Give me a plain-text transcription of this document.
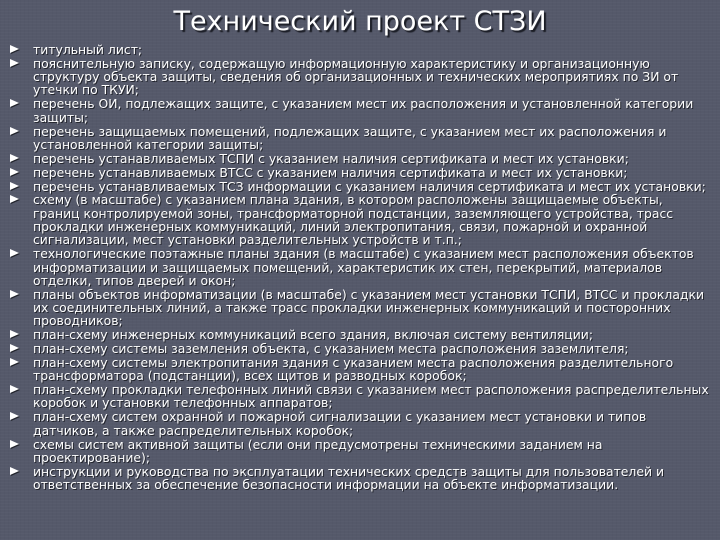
Технический проект СТЗИ
титульный лист;
пояснительную записку, содержащую информационную характеристику и организационную структуру объекта защиты, сведения об организационных и технических мероприятиях по ЗИ от утечки по ТКУИ;
перечень ОИ, подлежащих защите, с указанием мест их расположения и установленной категории защиты;
перечень защищаемых помещений, подлежащих защите, с указанием мест их расположения и установленной категории защиты;
перечень устанавливаемых ТСПИ с указанием наличия сертификата и мест их установки;
перечень устанавливаемых ВТСС с указанием наличия сертификата и мест их установки;
перечень устанавливаемых ТСЗ информации с указанием наличия сертификата и мест их установки;
схему (в масштабе) с указанием плана здания, в котором расположены защищаемые объекты, границ контролируемой зоны, трансформаторной подстанции, заземляющего устройства, трасс прокладки инженерных коммуникаций, линий электропитания, связи, пожарной и охранной сигнализации, мест установки разделительных устройств и т.п.;
технологические поэтажные планы здания (в масштабе) с указанием мест расположения объектов информатизации и защищаемых помещений, характеристик их стен, перекрытий, материалов отделки, типов дверей и окон;
планы объектов информатизации (в масштабе) с указанием мест установки ТСПИ, ВТСС и прокладки их соединительных линий, а также трасс прокладки инженерных коммуникаций и посторонних проводников;
план-схему инженерных коммуникаций всего здания, включая систему вентиляции;
план-схему системы заземления объекта, с указанием места расположения заземлителя;
план-схему системы электропитания здания с указанием места расположения разделительного трансформатора (подстанции), всех щитов и разводных коробок;
план-схему прокладки телефонных линий связи с указанием мест расположения распределительных коробок и установки телефонных аппаратов;
план-схему систем охранной и пожарной сигнализации с указанием мест установки и типов датчиков, а также распределительных коробок;
схемы систем активной защиты (если они предусмотрены техническими заданием на проектирование);
инструкции и руководства по эксплуатации технических средств защиты для пользователей и ответственных за обеспечение безопасности информации на объекте информатизации.
